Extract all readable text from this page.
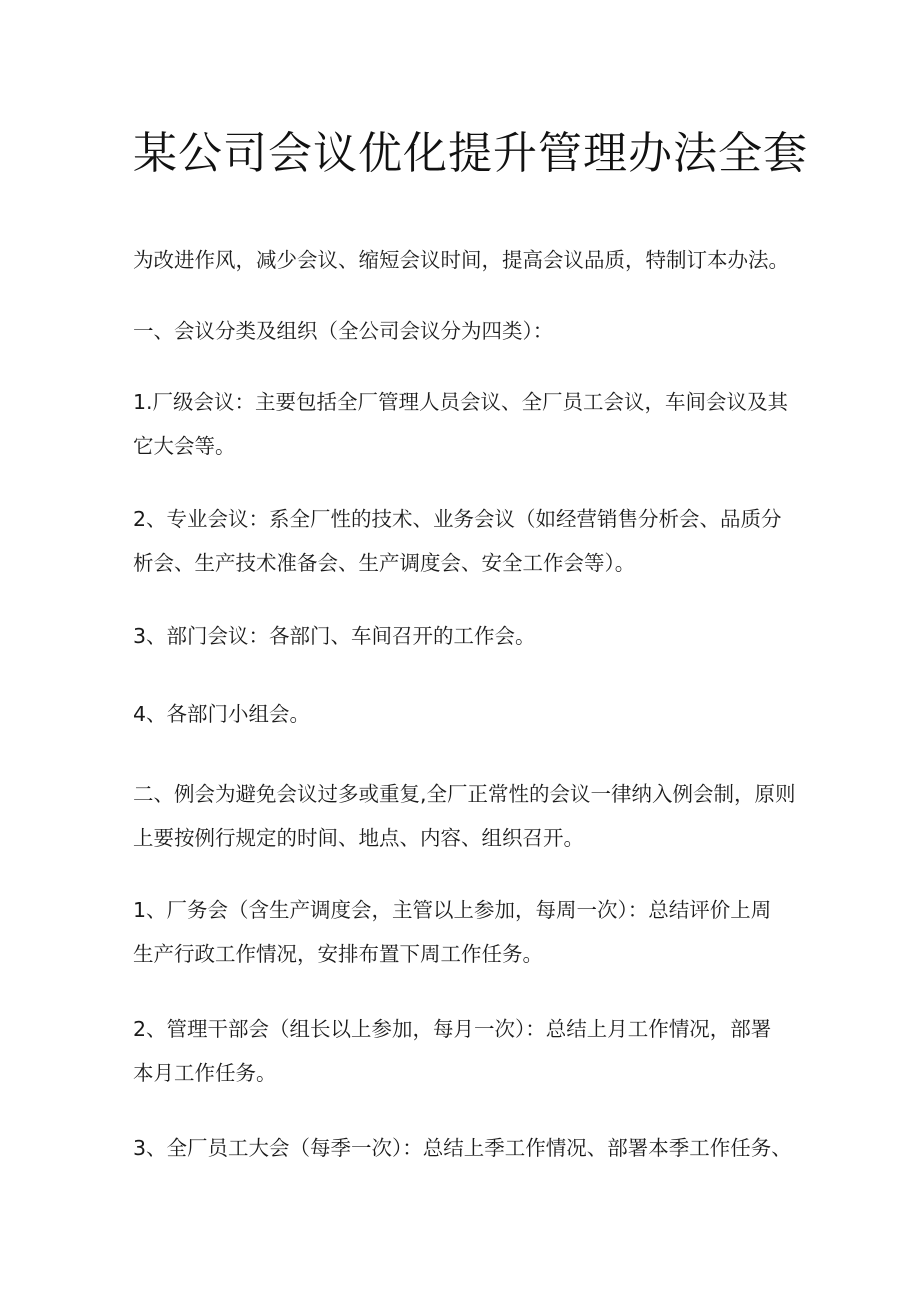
某公司会议优化提升管理办法全套

为改进作风，减少会议、缩短会议时间，提高会议品质，特制订本办法。

一、会议分类及组织（全公司会议分为四类）：

1.厂级会议：主要包括全厂管理人员会议、全厂员工会议，车间会议及其
它大会等。

2、专业会议：系全厂性的技术、业务会议（如经营销售分析会、品质分
析会、生产技术准备会、生产调度会、安全工作会等）。

3、部门会议：各部门、车间召开的工作会。

4、各部门小组会。

二、例会为避免会议过多或重复,全厂正常性的会议一律纳入例会制，原则
上要按例行规定的时间、地点、内容、组织召开。

1、厂务会（含生产调度会，主管以上参加，每周一次）：总结评价上周
生产行政工作情况，安排布置下周工作任务。

2、管理干部会（组长以上参加，每月一次）：总结上月工作情况，部署
本月工作任务。

3、全厂员工大会（每季一次）：总结上季工作情况、部署本季工作任务、
